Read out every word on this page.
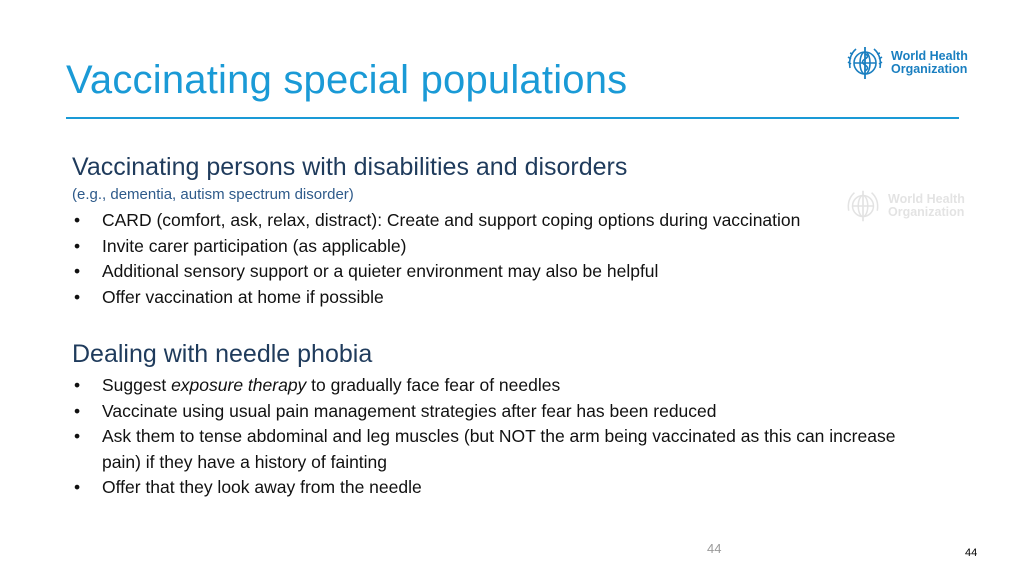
Vaccinating special populations
World Health
Organization
World Health
Organization
Vaccinating persons with disabilities and disorders
(e.g., dementia, autism spectrum disorder)
• CARD (comfort, ask, relax, distract): Create and support coping options during vaccination
• Invite carer participation (as applicable)
• Additional sensory support or a quieter environment may also be helpful
• Offer vaccination at home if possible
Dealing with needle phobia
• Suggest exposure therapy to gradually face fear of needles
• Vaccinate using usual pain management strategies after fear has been reduced
• Ask them to tense abdominal and leg muscles (but NOT the arm being vaccinated as this can increase pain) if they have a history of fainting
• Offer that they look away from the needle
44	44
